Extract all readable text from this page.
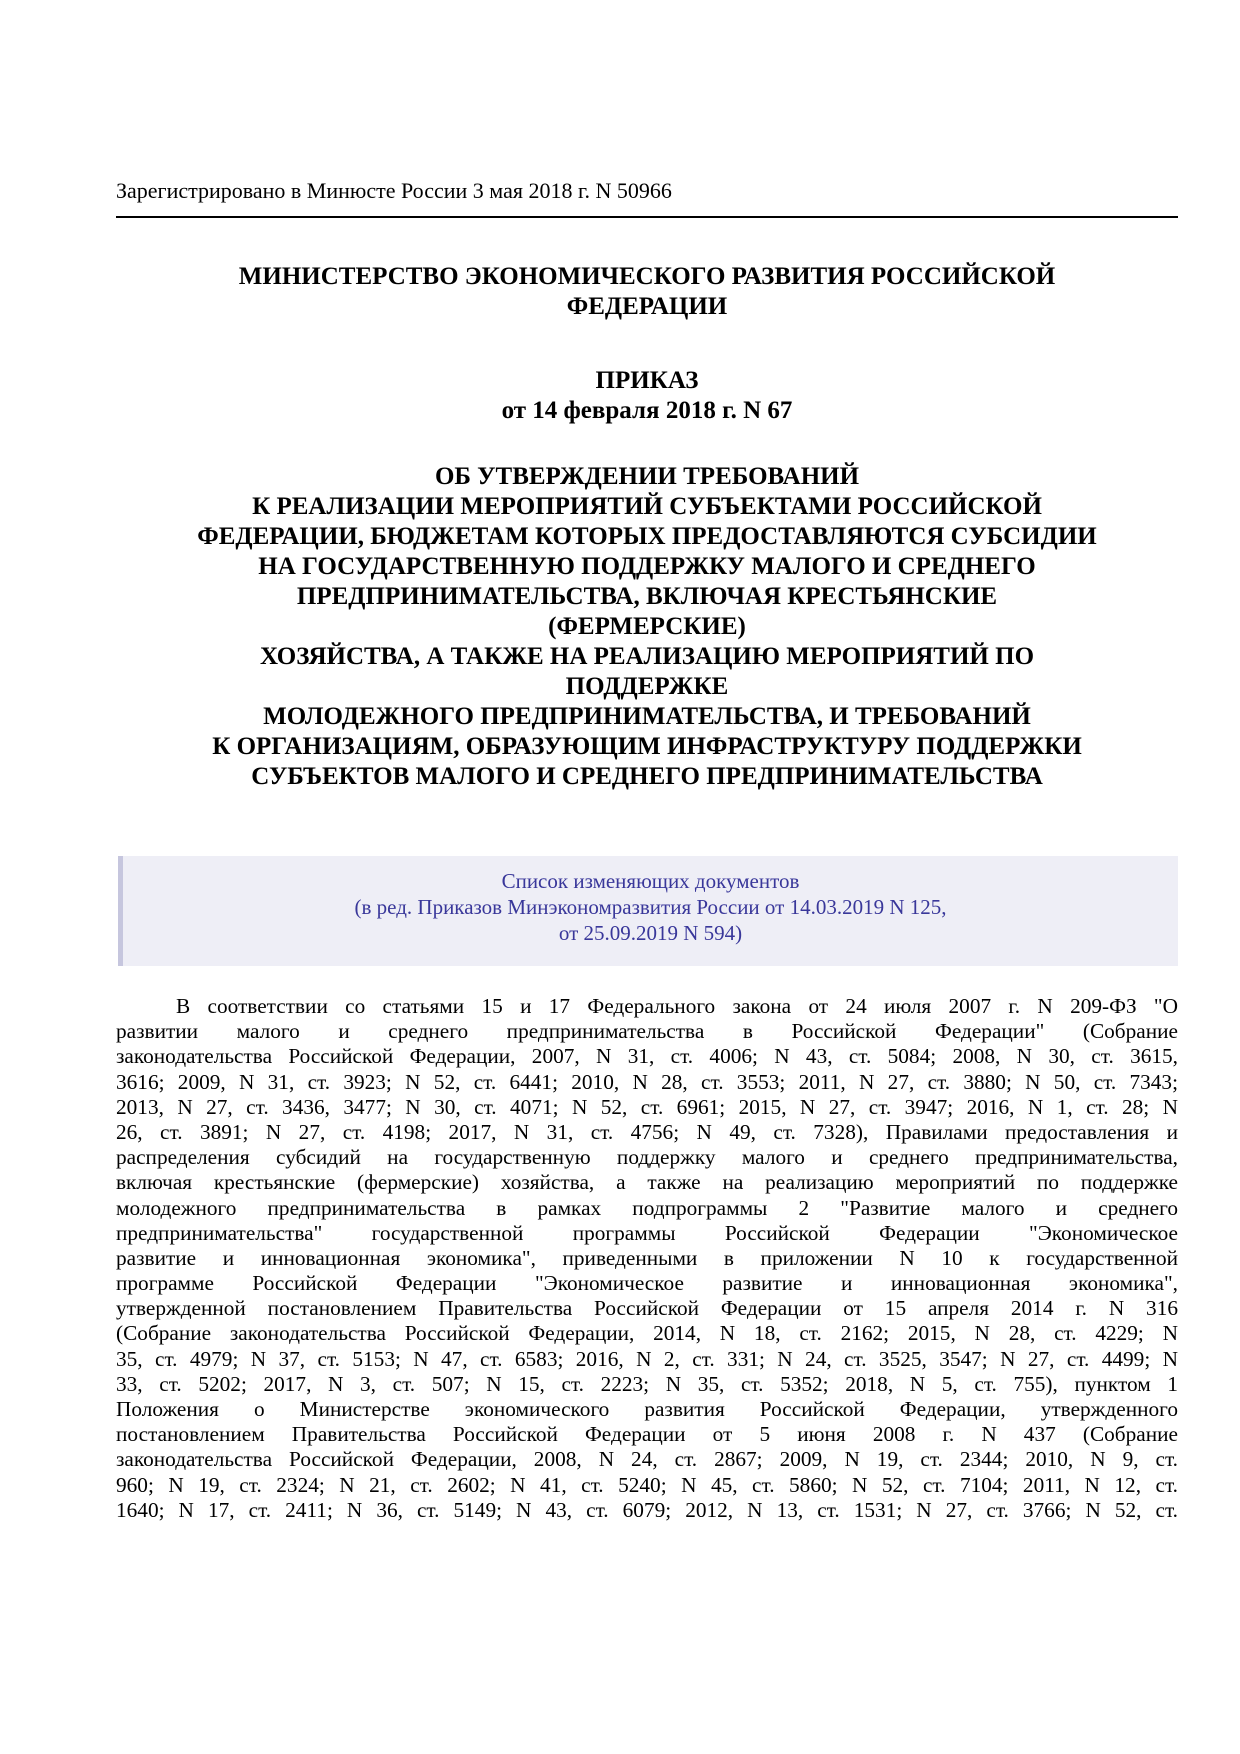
Зарегистрировано в Минюсте России 3 мая 2018 г. N 50966
МИНИСТЕРСТВО ЭКОНОМИЧЕСКОГО РАЗВИТИЯ РОССИЙСКОЙ
ФЕДЕРАЦИИ
ПРИКАЗ
от 14 февраля 2018 г. N 67
ОБ УТВЕРЖДЕНИИ ТРЕБОВАНИЙ
К РЕАЛИЗАЦИИ МЕРОПРИЯТИЙ СУБЪЕКТАМИ РОССИЙСКОЙ
ФЕДЕРАЦИИ, БЮДЖЕТАМ КОТОРЫХ ПРЕДОСТАВЛЯЮТСЯ СУБСИДИИ
НА ГОСУДАРСТВЕННУЮ ПОДДЕРЖКУ МАЛОГО И СРЕДНЕГО
ПРЕДПРИНИМАТЕЛЬСТВА, ВКЛЮЧАЯ КРЕСТЬЯНСКИЕ
(ФЕРМЕРСКИЕ)
ХОЗЯЙСТВА, А ТАКЖЕ НА РЕАЛИЗАЦИЮ МЕРОПРИЯТИЙ ПО
ПОДДЕРЖКЕ
МОЛОДЕЖНОГО ПРЕДПРИНИМАТЕЛЬСТВА, И ТРЕБОВАНИЙ
К ОРГАНИЗАЦИЯМ, ОБРАЗУЮЩИМ ИНФРАСТРУКТУРУ ПОДДЕРЖКИ
СУБЪЕКТОВ МАЛОГО И СРЕДНЕГО ПРЕДПРИНИМАТЕЛЬСТВА
Список изменяющих документов
(в ред. Приказов Минэкономразвития России от 14.03.2019 N 125,
от 25.09.2019 N 594)
В соответствии со статьями 15 и 17 Федерального закона от 24 июля 2007 г. N 209-ФЗ "О
развитии малого и среднего предпринимательства в Российской Федерации" (Собрание
законодательства Российской Федерации, 2007, N 31, ст. 4006; N 43, ст. 5084; 2008, N 30, ст. 3615,
3616; 2009, N 31, ст. 3923; N 52, ст. 6441; 2010, N 28, ст. 3553; 2011, N 27, ст. 3880; N 50, ст. 7343;
2013, N 27, ст. 3436, 3477; N 30, ст. 4071; N 52, ст. 6961; 2015, N 27, ст. 3947; 2016, N 1, ст. 28; N
26, ст. 3891; N 27, ст. 4198; 2017, N 31, ст. 4756; N 49, ст. 7328), Правилами предоставления и
распределения субсидий на государственную поддержку малого и среднего предпринимательства,
включая крестьянские (фермерские) хозяйства, а также на реализацию мероприятий по поддержке
молодежного предпринимательства в рамках подпрограммы 2 "Развитие малого и среднего
предпринимательства" государственной программы Российской Федерации "Экономическое
развитие и инновационная экономика", приведенными в приложении N 10 к государственной
программе Российской Федерации "Экономическое развитие и инновационная экономика",
утвержденной постановлением Правительства Российской Федерации от 15 апреля 2014 г. N 316
(Собрание законодательства Российской Федерации, 2014, N 18, ст. 2162; 2015, N 28, ст. 4229; N
35, ст. 4979; N 37, ст. 5153; N 47, ст. 6583; 2016, N 2, ст. 331; N 24, ст. 3525, 3547; N 27, ст. 4499; N
33, ст. 5202; 2017, N 3, ст. 507; N 15, ст. 2223; N 35, ст. 5352; 2018, N 5, ст. 755), пунктом 1
Положения о Министерстве экономического развития Российской Федерации, утвержденного
постановлением Правительства Российской Федерации от 5 июня 2008 г. N 437 (Собрание
законодательства Российской Федерации, 2008, N 24, ст. 2867; 2009, N 19, ст. 2344; 2010, N 9, ст.
960; N 19, ст. 2324; N 21, ст. 2602; N 41, ст. 5240; N 45, ст. 5860; N 52, ст. 7104; 2011, N 12, ст.
1640; N 17, ст. 2411; N 36, ст. 5149; N 43, ст. 6079; 2012, N 13, ст. 1531; N 27, ст. 3766; N 52, ст.
